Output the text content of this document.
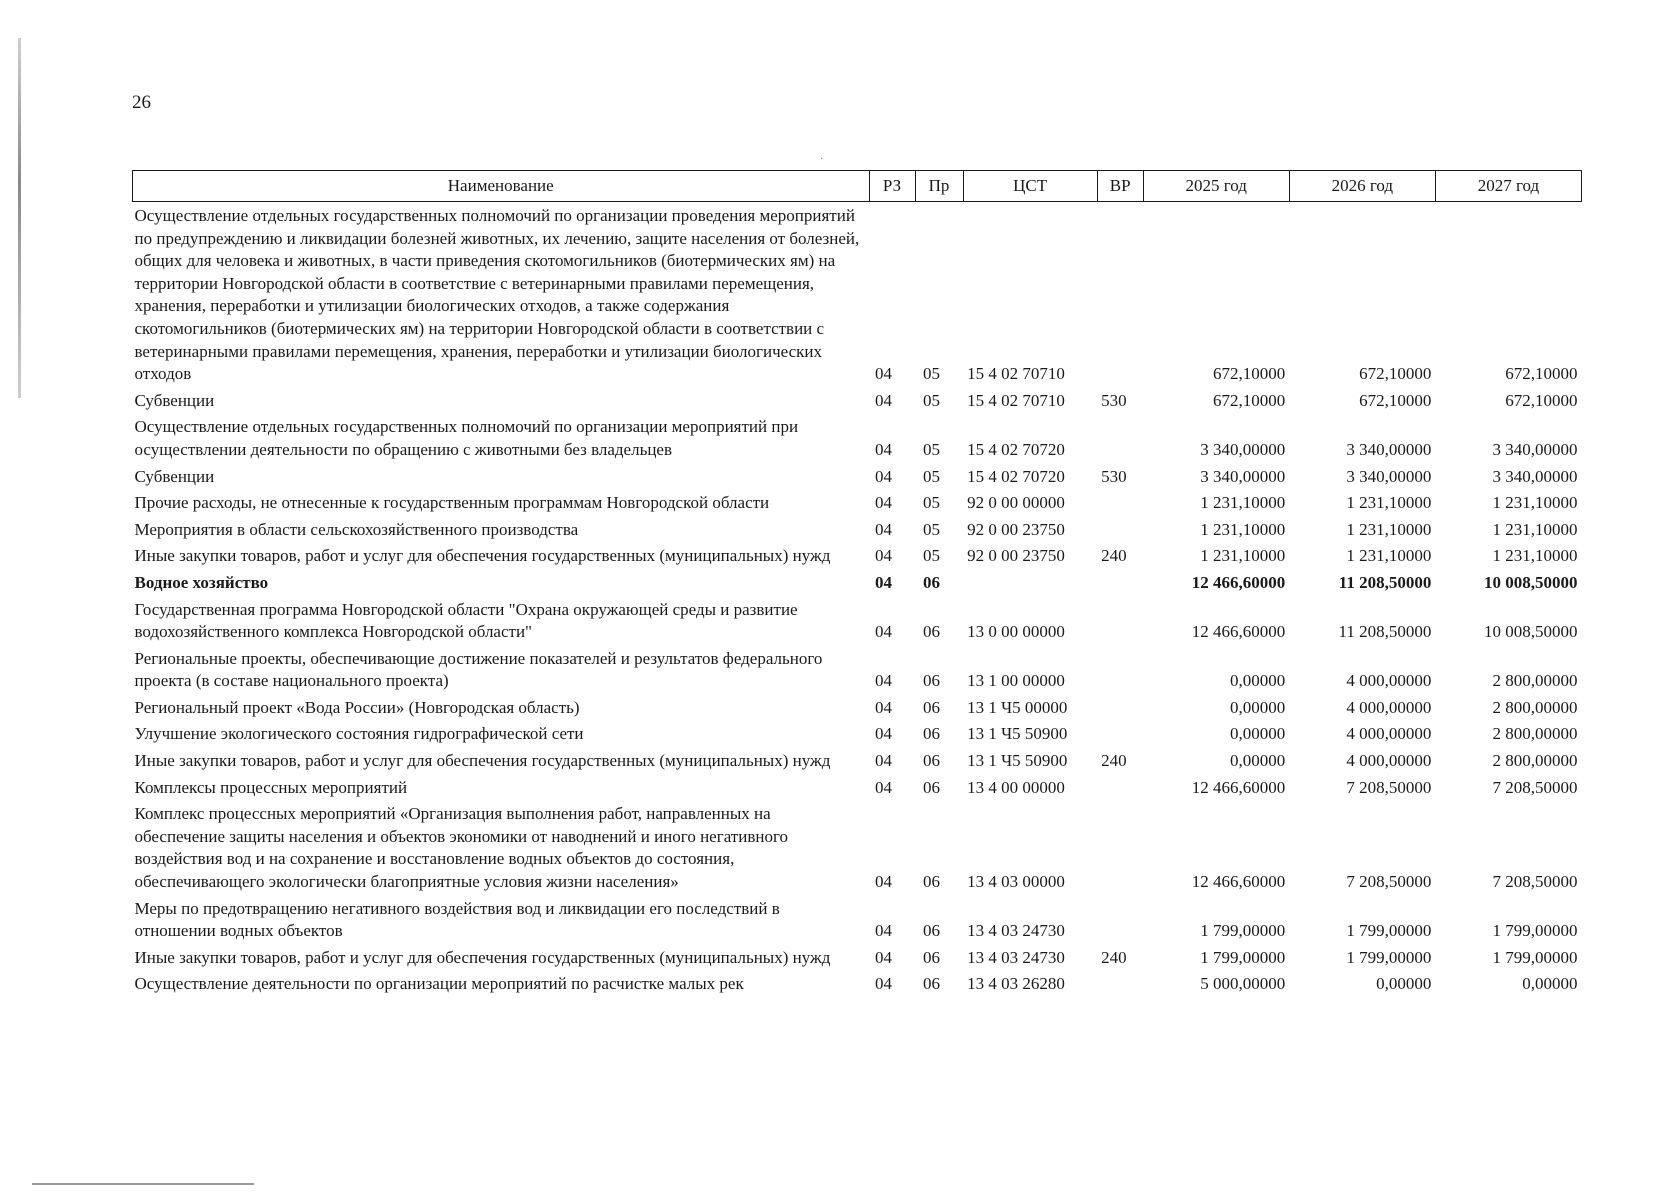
·
26
Наименование	РЗ	Пр	ЦСТ	ВР	2025 год	2026 год	2027 год
Осуществление отдельных государственных полномочий по организации проведения мероприятий по предупреждению и ликвидации болезней животных, их лечению, защите населения от болезней, общих для человека и животных, в части приведения скотомогильников (биотермических ям) на территории Новгородской области в соответствие с ветеринарными правилами перемещения, хранения, переработки и утилизации биологических отходов, а также содержания скотомогильников (биотермических ям) на территории Новгородской области в соответствии с ветеринарными правилами перемещения, хранения, переработки и утилизации биологических отходов	04	05	15 4 02 70710		672,10000	672,10000	672,10000
Субвенции	04	05	15 4 02 70710	530	672,10000	672,10000	672,10000
Осуществление отдельных государственных полномочий по организации мероприятий при осуществлении деятельности по обращению с животными без владельцев	04	05	15 4 02 70720		3 340,00000	3 340,00000	3 340,00000
Субвенции	04	05	15 4 02 70720	530	3 340,00000	3 340,00000	3 340,00000
Прочие расходы, не отнесенные к государственным программам Новгородской области	04	05	92 0 00 00000		1 231,10000	1 231,10000	1 231,10000
Мероприятия в области сельскохозяйственного производства	04	05	92 0 00 23750		1 231,10000	1 231,10000	1 231,10000
Иные закупки товаров, работ и услуг для обеспечения государственных (муниципальных) нужд	04	05	92 0 00 23750	240	1 231,10000	1 231,10000	1 231,10000
Водное хозяйство	04	06			12 466,60000	11 208,50000	10 008,50000
Государственная программа Новгородской области "Охрана окружающей среды и развитие водохозяйственного комплекса Новгородской области"	04	06	13 0 00 00000		12 466,60000	11 208,50000	10 008,50000
Региональные проекты, обеспечивающие достижение показателей и результатов федерального проекта (в составе национального проекта)	04	06	13 1 00 00000		0,00000	4 000,00000	2 800,00000
Региональный проект «Вода России» (Новгородская область)	04	06	13 1 Ч5 00000		0,00000	4 000,00000	2 800,00000
Улучшение экологического состояния гидрографической сети	04	06	13 1 Ч5 50900		0,00000	4 000,00000	2 800,00000
Иные закупки товаров, работ и услуг для обеспечения государственных (муниципальных) нужд	04	06	13 1 Ч5 50900	240	0,00000	4 000,00000	2 800,00000
Комплексы процессных мероприятий	04	06	13 4 00 00000		12 466,60000	7 208,50000	7 208,50000
Комплекс процессных мероприятий «Организация выполнения работ, направленных на обеспечение защиты населения и объектов экономики от наводнений и иного негативного воздействия вод и на сохранение и восстановление водных объектов до состояния, обеспечивающего экологически благоприятные условия жизни населения»	04	06	13 4 03 00000		12 466,60000	7 208,50000	7 208,50000
Меры по предотвращению негативного воздействия вод и ликвидации его последствий в отношении водных объектов	04	06	13 4 03 24730		1 799,00000	1 799,00000	1 799,00000
Иные закупки товаров, работ и услуг для обеспечения государственных (муниципальных) нужд	04	06	13 4 03 24730	240	1 799,00000	1 799,00000	1 799,00000
Осуществление деятельности по организации мероприятий по расчистке малых рек	04	06	13 4 03 26280		5 000,00000	0,00000	0,00000
